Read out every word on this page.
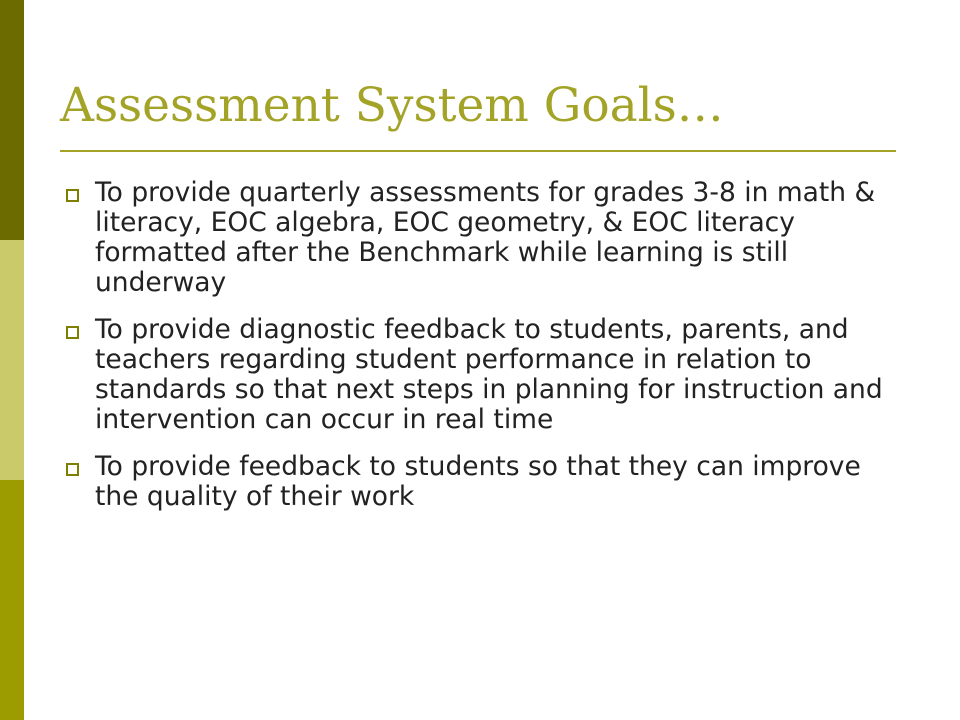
Assessment System Goals…
To provide quarterly assessments for grades 3-8 in math & literacy, EOC algebra, EOC geometry, & EOC literacy formatted after the Benchmark while learning is still underway
To provide diagnostic feedback to students, parents, and teachers regarding student performance in relation to standards so that next steps in planning for instruction and intervention can occur in real time
To provide feedback to students so that they can improve the quality of their work
